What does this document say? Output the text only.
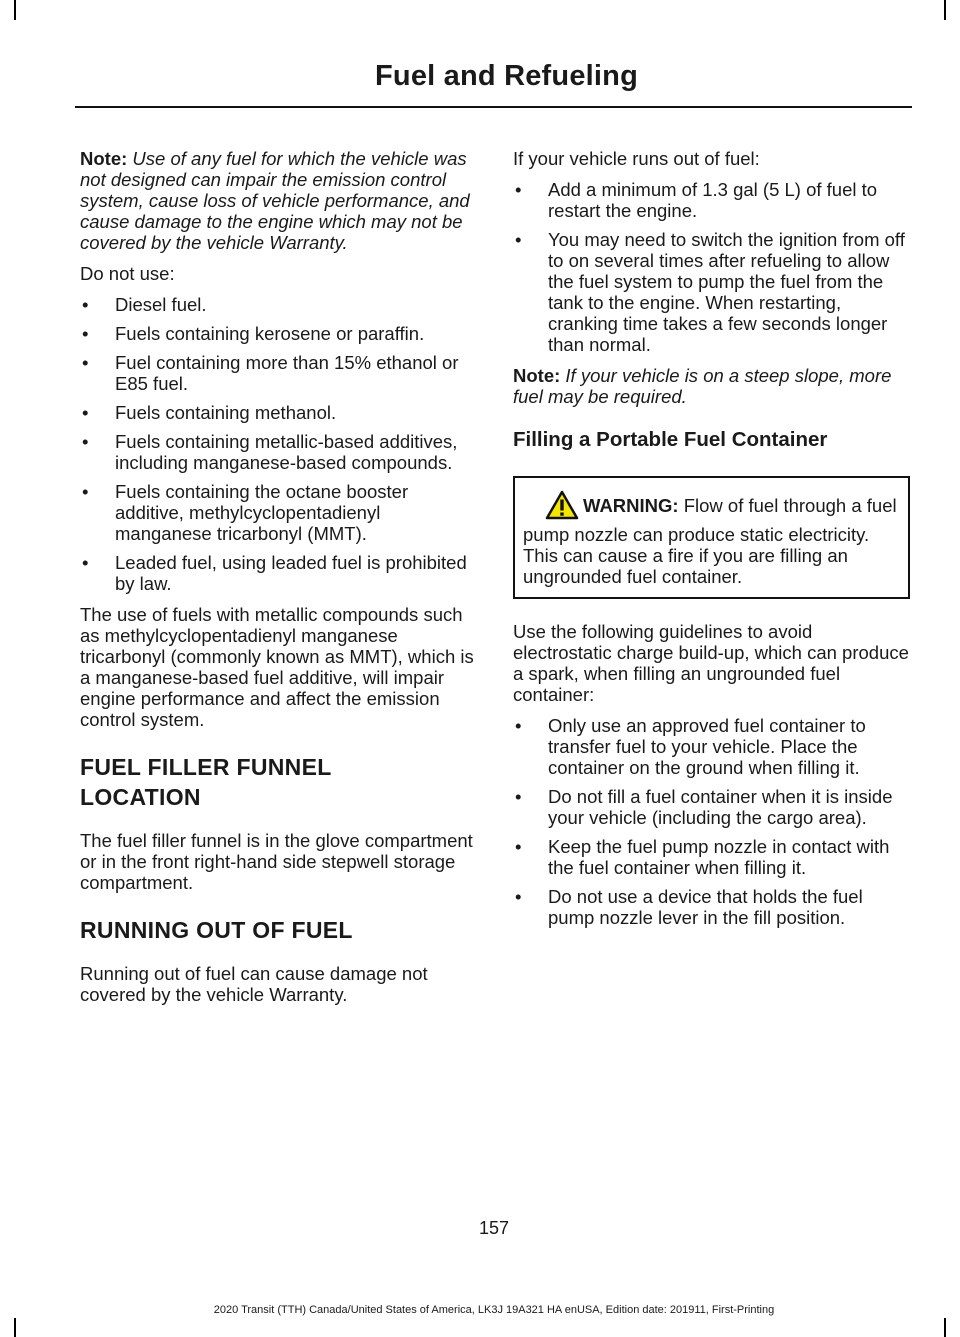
Fuel and Refueling

Note: Use of any fuel for which the vehicle was not designed can impair the emission control system, cause loss of vehicle performance, and cause damage to the engine which may not be covered by the vehicle Warranty.

Do not use:

• Diesel fuel.
• Fuels containing kerosene or paraffin.
• Fuel containing more than 15% ethanol or E85 fuel.
• Fuels containing methanol.
• Fuels containing metallic-based additives, including manganese-based compounds.
• Fuels containing the octane booster additive, methylcyclopentadienyl manganese tricarbonyl (MMT).
• Leaded fuel, using leaded fuel is prohibited by law.

The use of fuels with metallic compounds such as methylcyclopentadienyl manganese tricarbonyl (commonly known as MMT), which is a manganese-based fuel additive, will impair engine performance and affect the emission control system.

FUEL FILLER FUNNEL
LOCATION

The fuel filler funnel is in the glove compartment or in the front right-hand side stepwell storage compartment.

RUNNING OUT OF FUEL

Running out of fuel can cause damage not covered by the vehicle Warranty.

If your vehicle runs out of fuel:

• Add a minimum of 1.3 gal (5 L) of fuel to restart the engine.
• You may need to switch the ignition from off to on several times after refueling to allow the fuel system to pump the fuel from the tank to the engine. When restarting, cranking time takes a few seconds longer than normal.

Note: If your vehicle is on a steep slope, more fuel may be required.

Filling a Portable Fuel Container
WARNING: Flow of fuel through a fuel pump nozzle can produce static electricity. This can cause a fire if you are filling an ungrounded fuel container.

Use the following guidelines to avoid electrostatic charge build-up, which can produce a spark, when filling an ungrounded fuel container:

• Only use an approved fuel container to transfer fuel to your vehicle. Place the container on the ground when filling it.
• Do not fill a fuel container when it is inside your vehicle (including the cargo area).
• Keep the fuel pump nozzle in contact with the fuel container when filling it.
• Do not use a device that holds the fuel pump nozzle lever in the fill position.
157
2020 Transit (TTH) Canada/United States of America, LK3J 19A321 HA enUSA, Edition date: 201911, First-Printing
